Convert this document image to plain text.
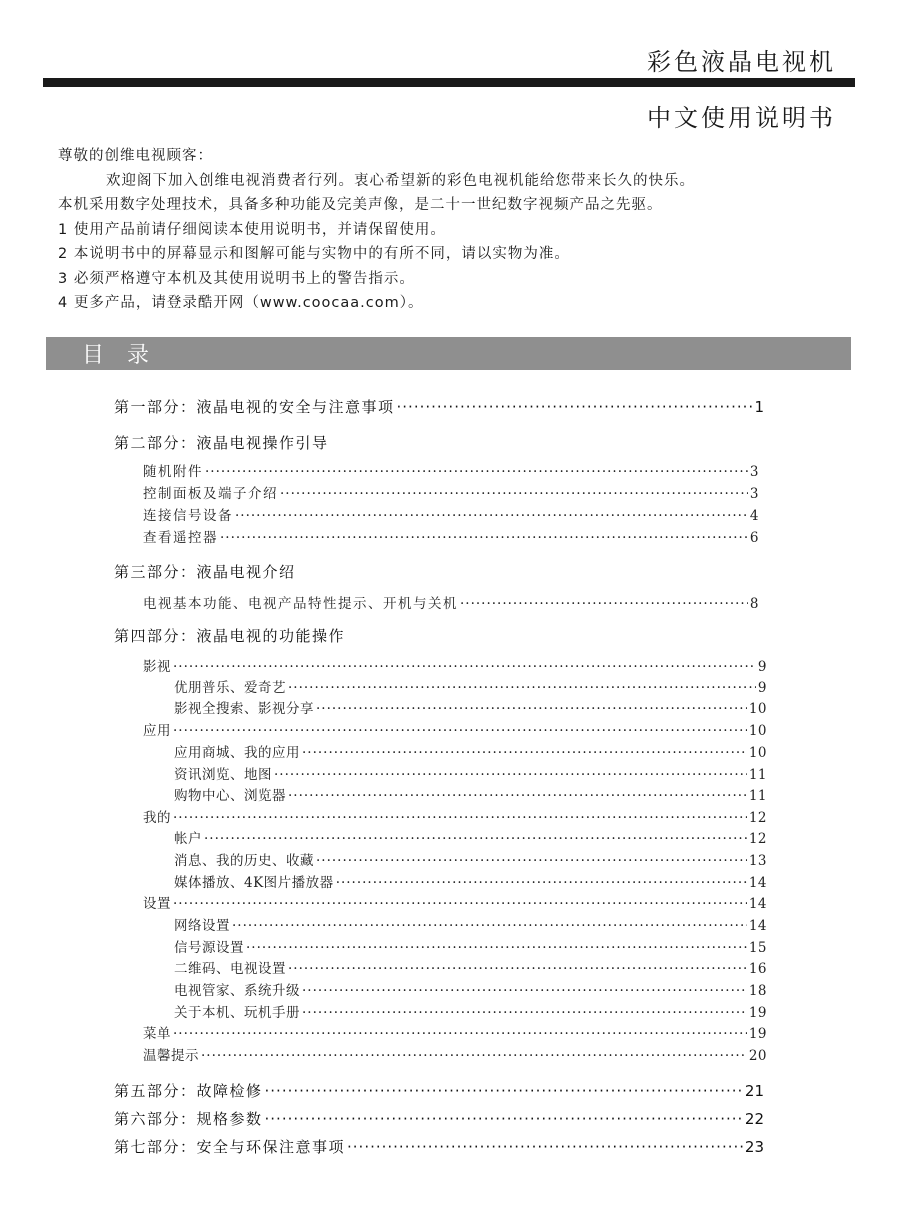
彩色液晶电视机
中文使用说明书

尊敬的创维电视顾客：

欢迎阁下加入创维电视消费者行列。衷心希望新的彩色电视机能给您带来长久的快乐。

本机采用数字处理技术，具备多种功能及完美声像，是二十一世纪数字视频产品之先驱。

1 使用产品前请仔细阅读本使用说明书，并请保留使用。

2 本说明书中的屏幕显示和图解可能与实物中的有所不同，请以实物为准。

3 必须严格遵守本机及其使用说明书上的警告指示。

4 更多产品，请登录酷开网（www.coocaa.com）。

目 录
第一部分：液晶电视的安全与注意事项 ·····	1
第二部分：液晶电视操作引导
随机附件 ·····	3
控制面板及端子介绍 ·····	3
连接信号设备 ·····	4
查看遥控器 ·····	6
第三部分：液晶电视介绍
电视基本功能、电视产品特性提示、开机与关机 ·····	8
第四部分：液晶电视的功能操作
影视 ·····	9
优朋普乐、爱奇艺 ·····	9
影视全搜索、影视分享 ·····	10
应用 ·····	10
应用商城、我的应用 ·····	10
资讯浏览、地图 ·····	11
购物中心、浏览器 ·····	11
我的 ·····	12
帐户 ·····	12
消息、我的历史、收藏 ·····	13
媒体播放、4K图片播放器 ·····	14
设置 ·····	14
网络设置 ·····	14
信号源设置 ·····	15
二维码、电视设置 ·····	16
电视管家、系统升级 ·····	18
关于本机、玩机手册 ·····	19
菜单 ·····	19
温馨提示 ·····	20
第五部分：故障检修 ·····	21
第六部分：规格参数 ·····	22
第七部分：安全与环保注意事项 ·····	23
